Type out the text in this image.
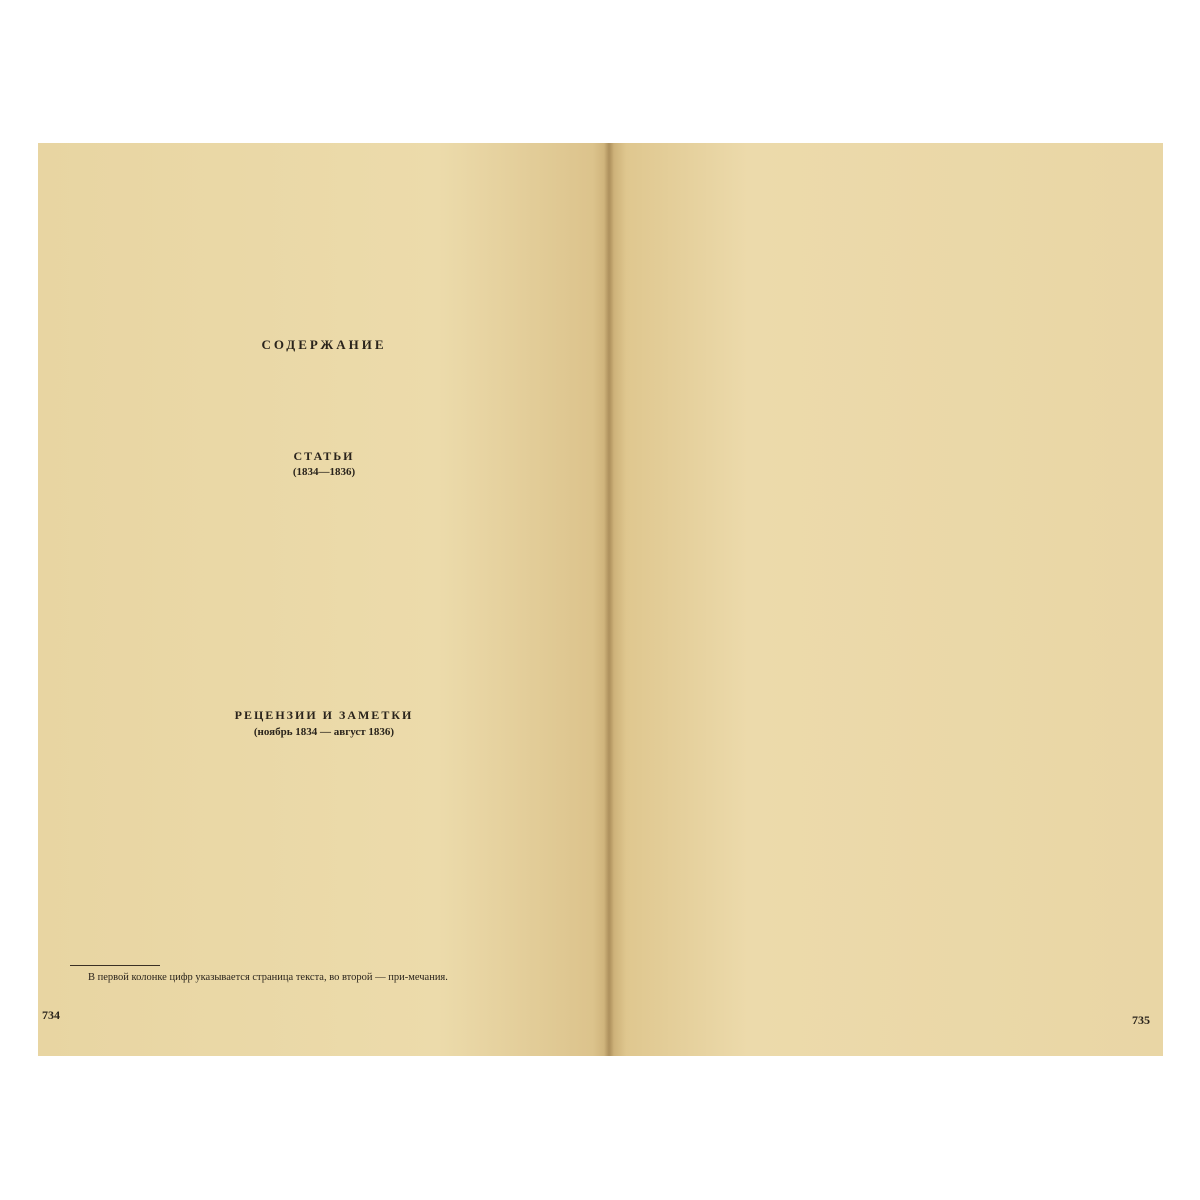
СОДЕРЖАНИЕ
СТАТЬИ
(1834—1836)
РЕЦЕНЗИИ И ЗАМЕТКИ
(ноябрь 1834 — август 1836)
В первой колонке цифр указывается страница текста, во второй — при-мечания.
734	735
